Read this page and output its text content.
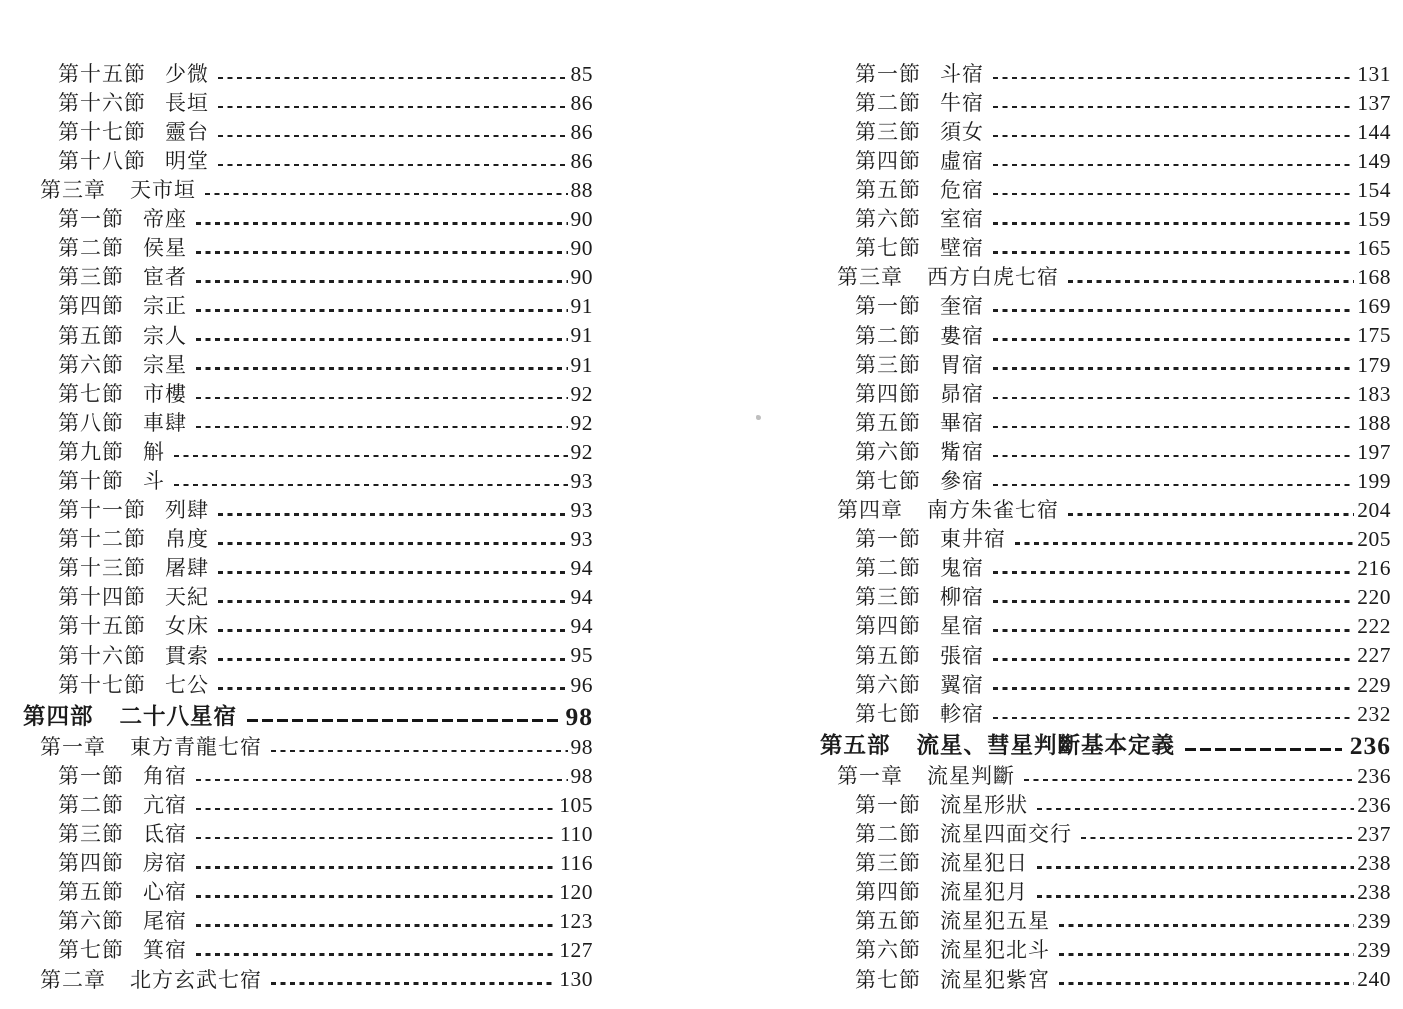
第十五節 少微	85
第十六節 長垣	86
第十七節 靈台	86
第十八節 明堂	86
第三章 天市垣	88
第一節 帝座	90
第二節 侯星	90
第三節 宦者	90
第四節 宗正	91
第五節 宗人	91
第六節 宗星	91
第七節 市樓	92
第八節 車肆	92
第九節 斛	92
第十節 斗	93
第十一節 列肆	93
第十二節 帛度	93
第十三節 屠肆	94
第十四節 天紀	94
第十五節 女床	94
第十六節 貫索	95
第十七節 七公	96
第四部 二十八星宿	98
第一章 東方青龍七宿	98
第一節 角宿	98
第二節 亢宿	105
第三節 氐宿	110
第四節 房宿	116
第五節 心宿	120
第六節 尾宿	123
第七節 箕宿	127
第二章 北方玄武七宿	130
第一節 斗宿	131
第二節 牛宿	137
第三節 須女	144
第四節 虛宿	149
第五節 危宿	154
第六節 室宿	159
第七節 壁宿	165
第三章 西方白虎七宿	168
第一節 奎宿	169
第二節 婁宿	175
第三節 胃宿	179
第四節 昴宿	183
第五節 畢宿	188
第六節 觜宿	197
第七節 參宿	199
第四章 南方朱雀七宿	204
第一節 東井宿	205
第二節 鬼宿	216
第三節 柳宿	220
第四節 星宿	222
第五節 張宿	227
第六節 翼宿	229
第七節 軫宿	232
第五部 流星、彗星判斷基本定義	236
第一章 流星判斷	236
第一節 流星形狀	236
第二節 流星四面交行	237
第三節 流星犯日	238
第四節 流星犯月	238
第五節 流星犯五星	239
第六節 流星犯北斗	239
第七節 流星犯紫宮	240
